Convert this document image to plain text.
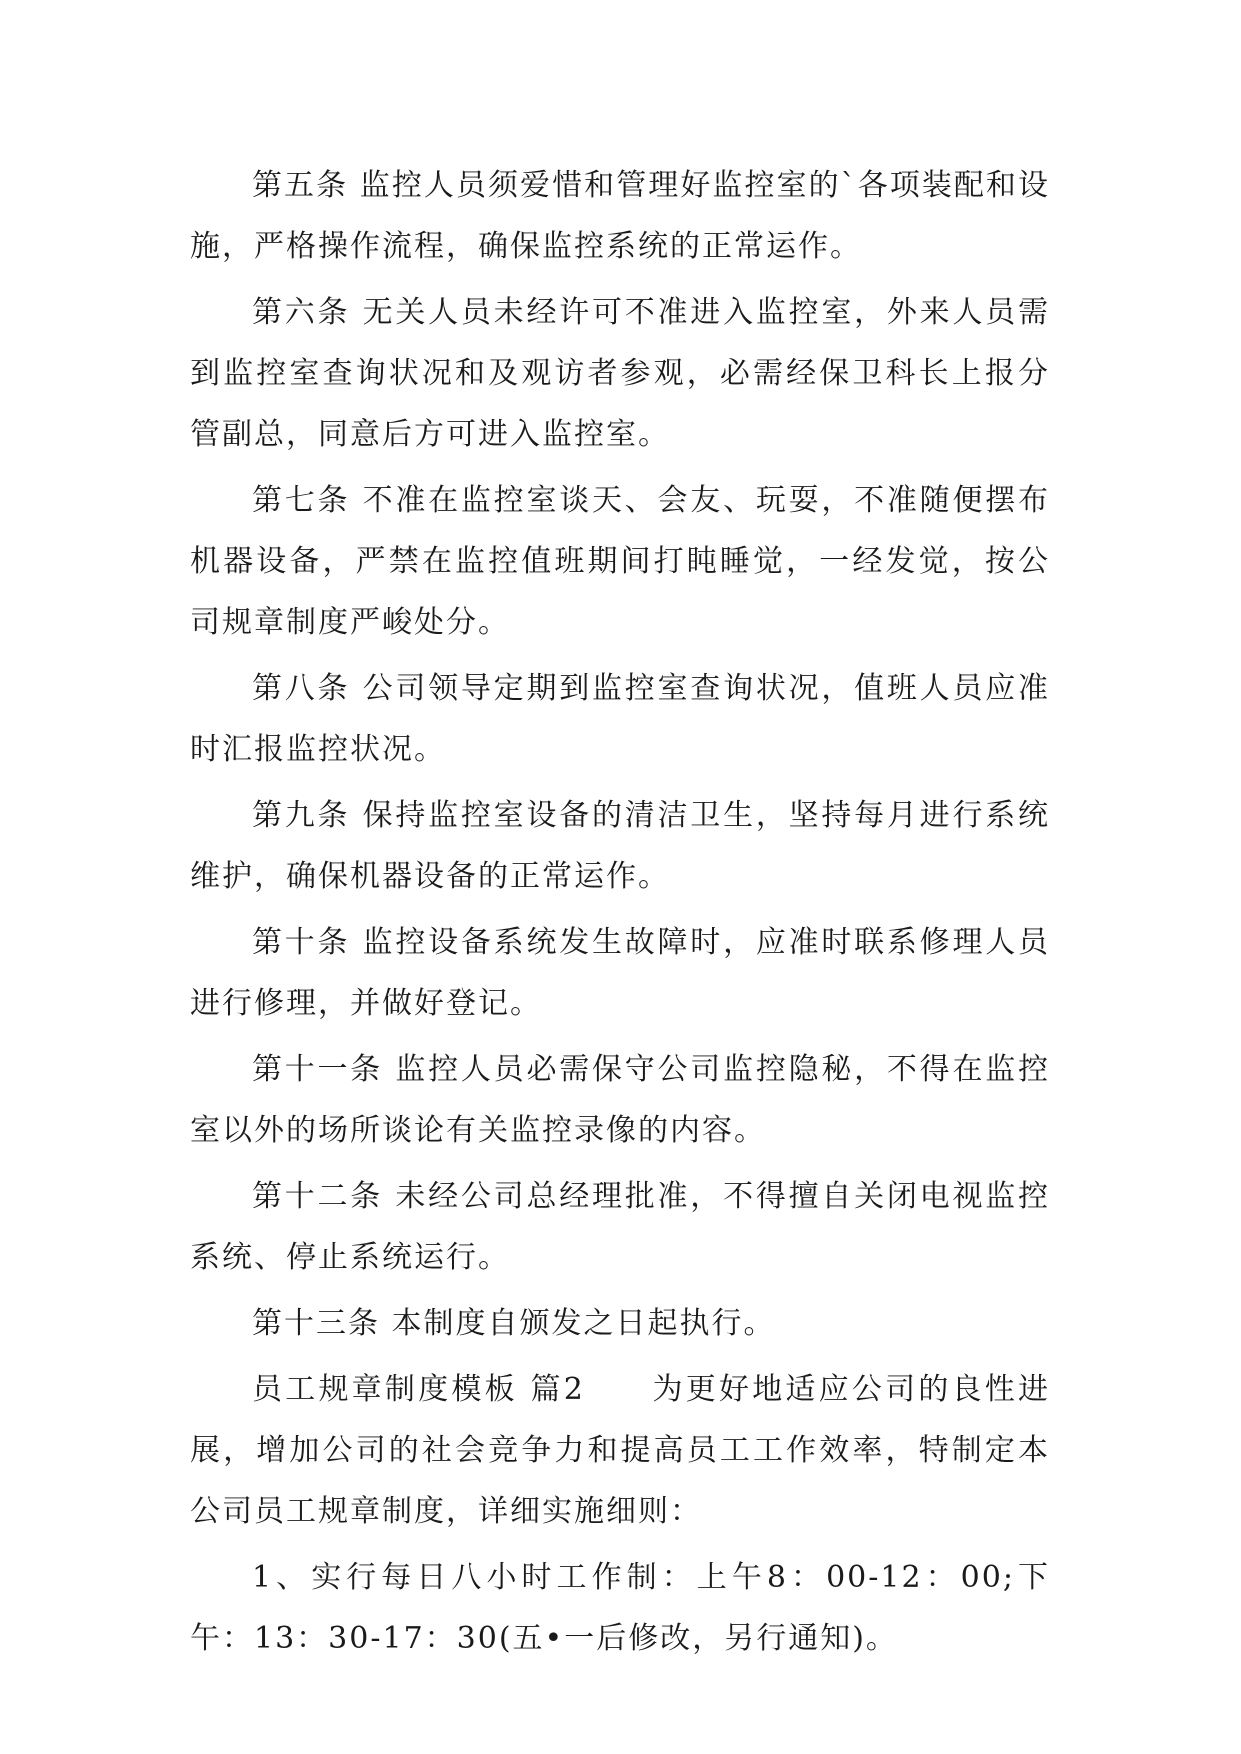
第五条 监控人员须爱惜和管理好监控室的`各项装配和设施，严格操作流程，确保监控系统的正常运作。

第六条 无关人员未经许可不准进入监控室，外来人员需到监控室查询状况和及观访者参观，必需经保卫科长上报分管副总，同意后方可进入监控室。

第七条 不准在监控室谈天、会友、玩耍，不准随便摆布机器设备，严禁在监控值班期间打盹睡觉，一经发觉，按公司规章制度严峻处分。

第八条 公司领导定期到监控室查询状况，值班人员应准时汇报监控状况。

第九条 保持监控室设备的清洁卫生，坚持每月进行系统维护，确保机器设备的正常运作。

第十条 监控设备系统发生故障时，应准时联系修理人员进行修理，并做好登记。

第十一条 监控人员必需保守公司监控隐秘，不得在监控室以外的场所谈论有关监控录像的内容。

第十二条 未经公司总经理批准，不得擅自关闭电视监控系统、停止系统运行。

第十三条 本制度自颁发之日起执行。

员工规章制度模板 篇2　　为更好地适应公司的良性进展，增加公司的社会竞争力和提高员工工作效率，特制定本公司员工规章制度，详细实施细则：

1、实行每日八小时工作制：上午8：00-12：00;下午：13：30-17：30(五•一后修改，另行通知)。
